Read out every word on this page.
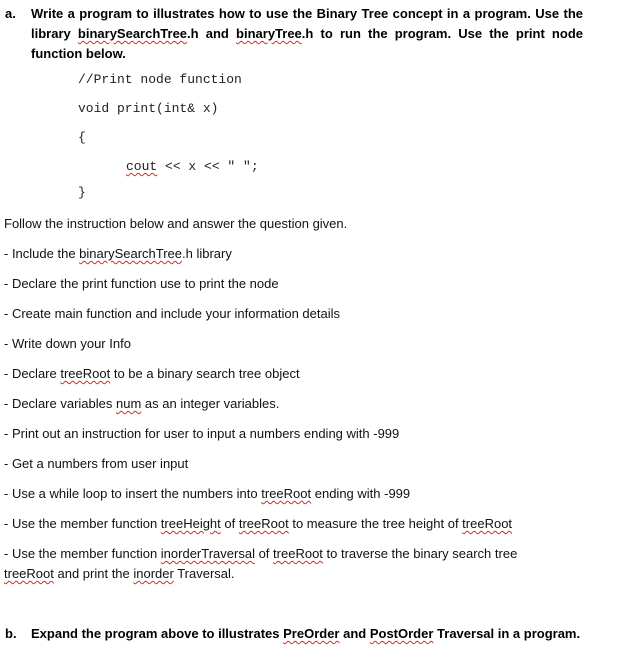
a. Write a program to illustrates how to use the Binary Tree concept in a program. Use the
library binarySearchTree.h and binaryTree.h to run the program. Use the print node
function below.
//Print node function
void print(int& x)
{
cout << x << " ";
}
Follow the instruction below and answer the question given.
- Include the binarySearchTree.h library
- Declare the print function use to print the node
- Create main function and include your information details
- Write down your Info
- Declare treeRoot to be a binary search tree object
- Declare variables num as an integer variables.
- Print out an instruction for user to input a numbers ending with -999
- Get a numbers from user input
- Use a while loop to insert the numbers into treeRoot ending with -999
- Use the member function treeHeight of treeRoot to measure the tree height of treeRoot
- Use the member function inorderTraversal of treeRoot to traverse the binary search tree
treeRoot and print the inorder Traversal.
b. Expand the program above to illustrates PreOrder and PostOrder Traversal in a program.
